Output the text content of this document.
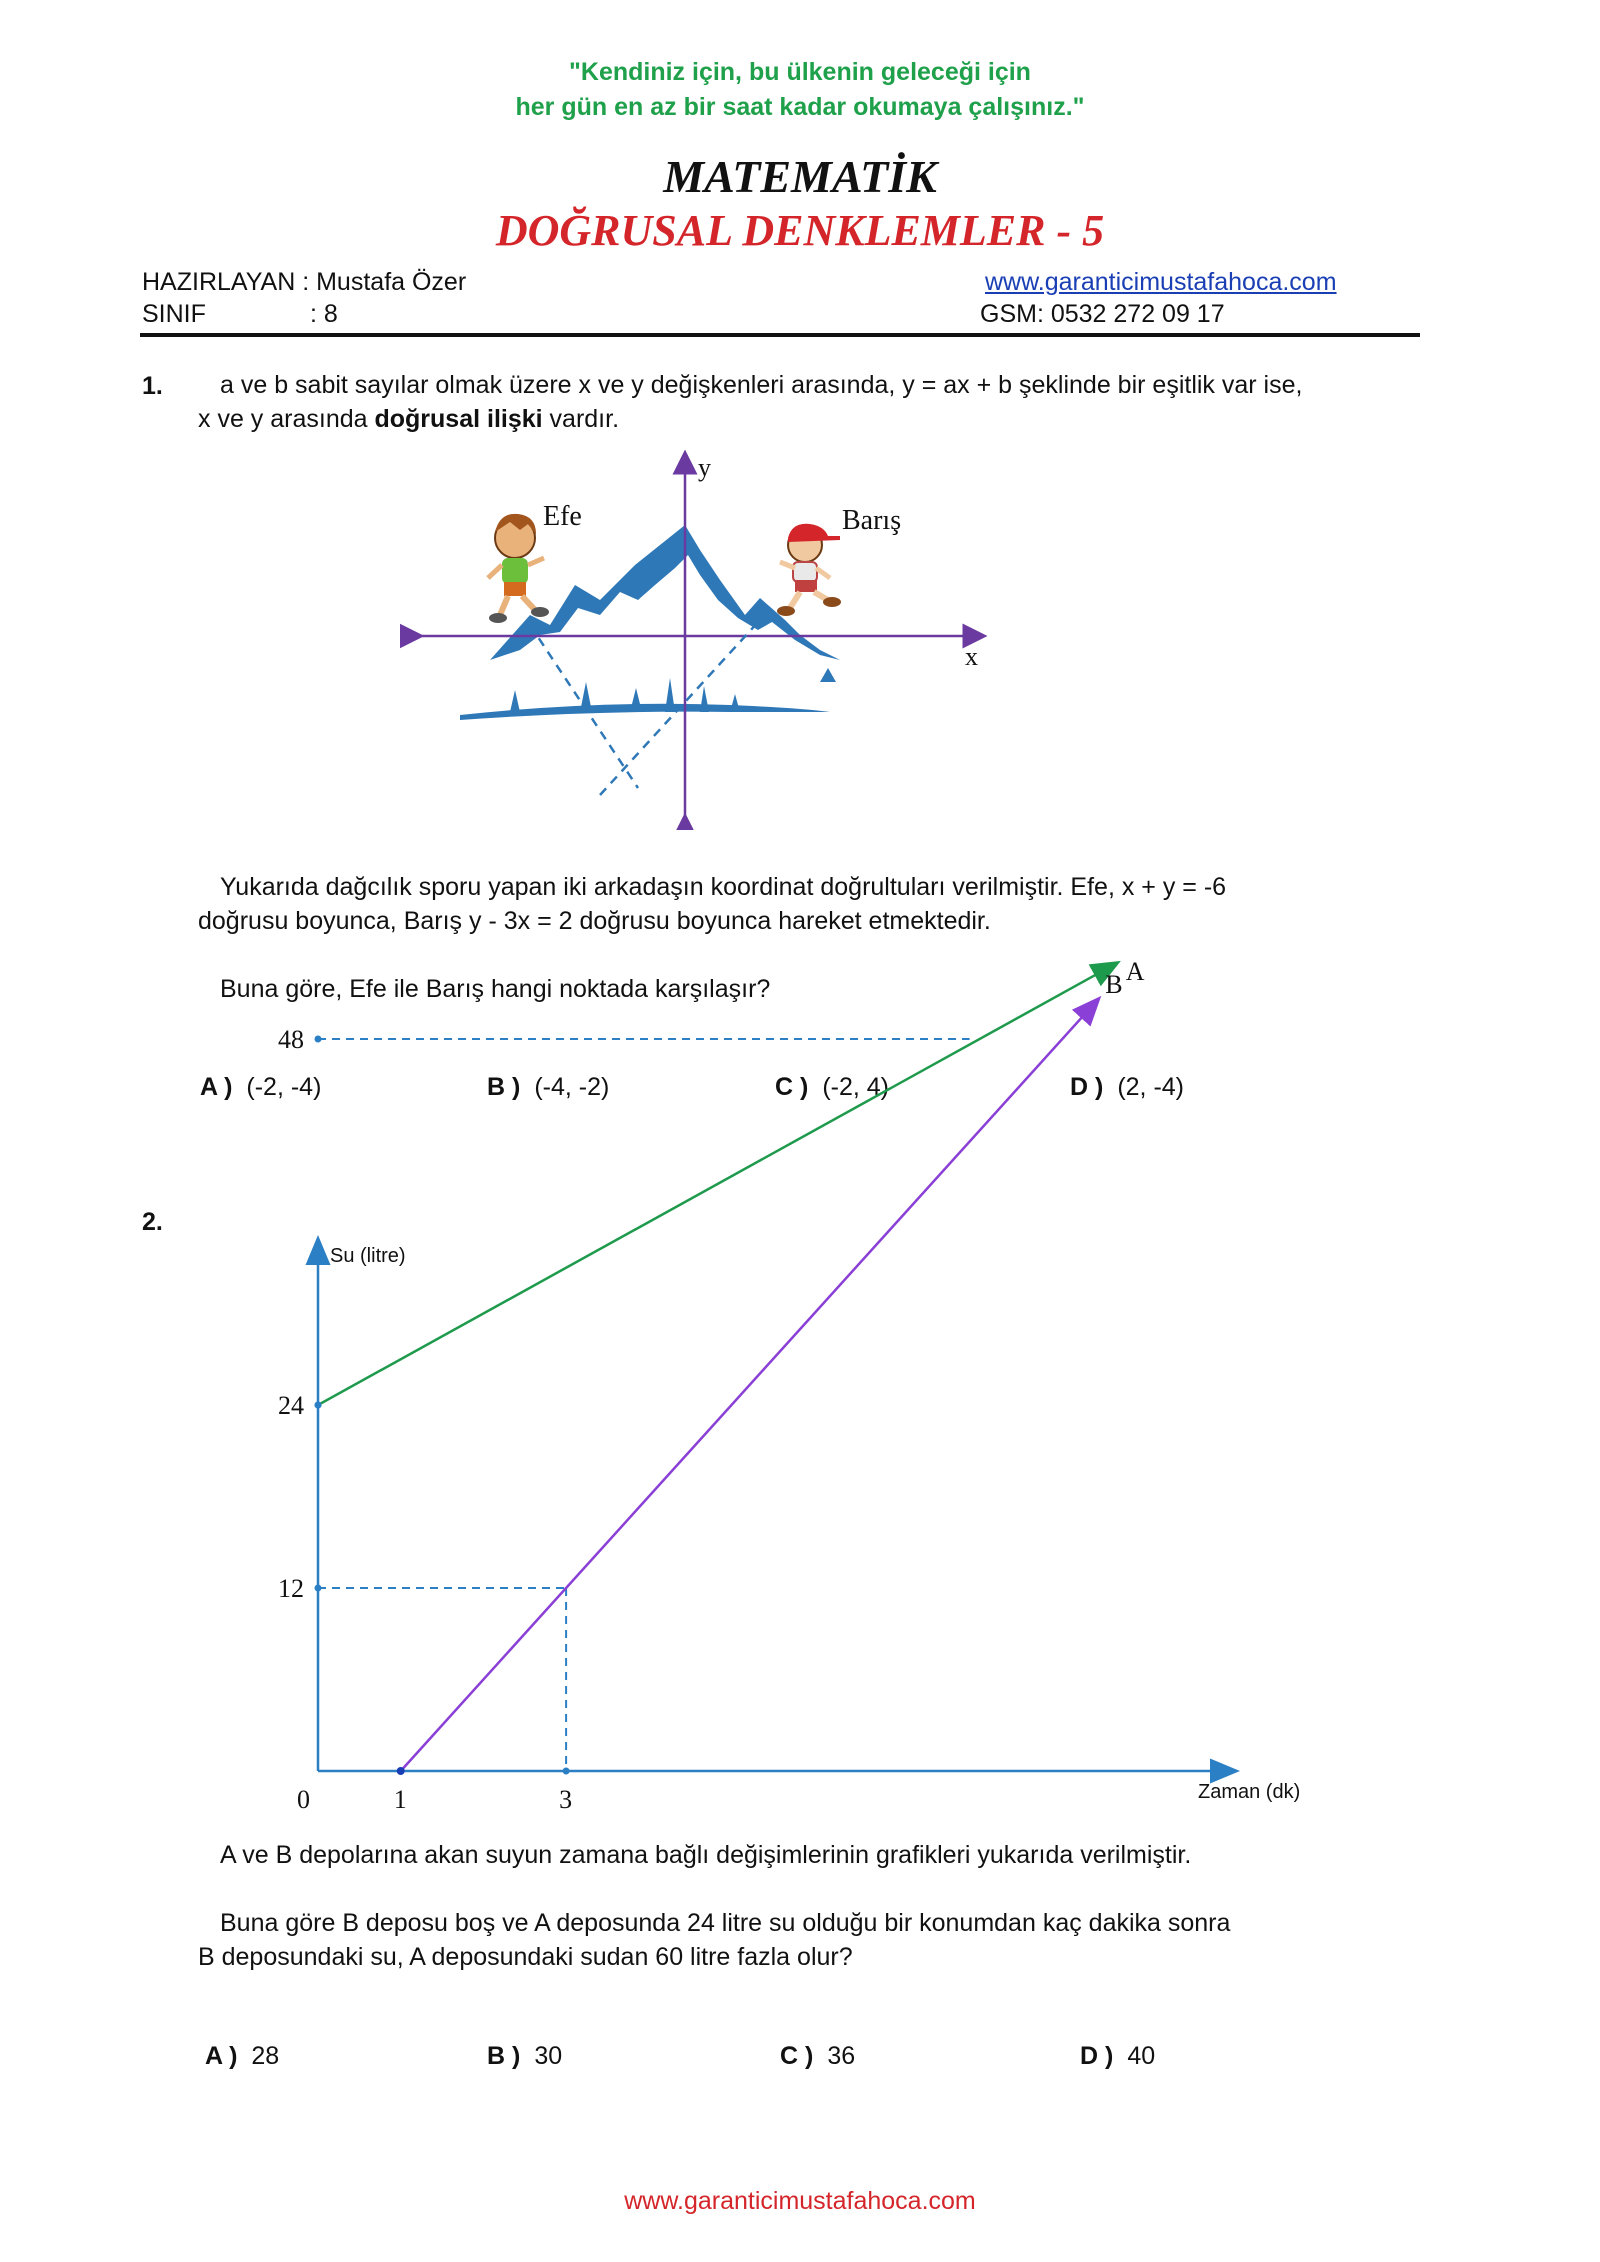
"Kendiniz için, bu ülkenin geleceği için
her gün en az bir saat kadar okumaya çalışınız."
MATEMATİK
DOĞRUSAL DENKLEMLER - 5
HAZIRLAYAN : Mustafa Özer
SINIF	: 8
www.garanticimustafahoca.com
GSM: 0532 272 09 17
1. a ve b sabit sayılar olmak üzere x ve y değişkenleri arasında, y = ax + b şeklinde bir eşitlik var ise,
x ve y arasında doğrusal ilişki vardır.
y
x
Efe	Barış
Yukarıda dağcılık sporu yapan iki arkadaşın koordinat doğrultuları verilmiştir. Efe, x + y = -6
doğrusu boyunca, Barış y - 3x = 2 doğrusu boyunca hareket etmektedir.
Buna göre, Efe ile Barış hangi noktada karşılaşır?
A ) (-2, -4)	B ) (-4, -2)	C ) (-2, 4)	D ) (2, -4)
2.
Su (litre)
Zaman (dk)
48
24
12
0	1	3
A
B
A ve B depolarına akan suyun zamana bağlı değişimlerinin grafikleri yukarıda verilmiştir.
Buna göre B deposu boş ve A deposunda 24 litre su olduğu bir konumdan kaç dakika sonra
B deposundaki su, A deposundaki sudan 60 litre fazla olur?
A ) 28	B ) 30	C ) 36	D ) 40
www.garanticimustafahoca.com
